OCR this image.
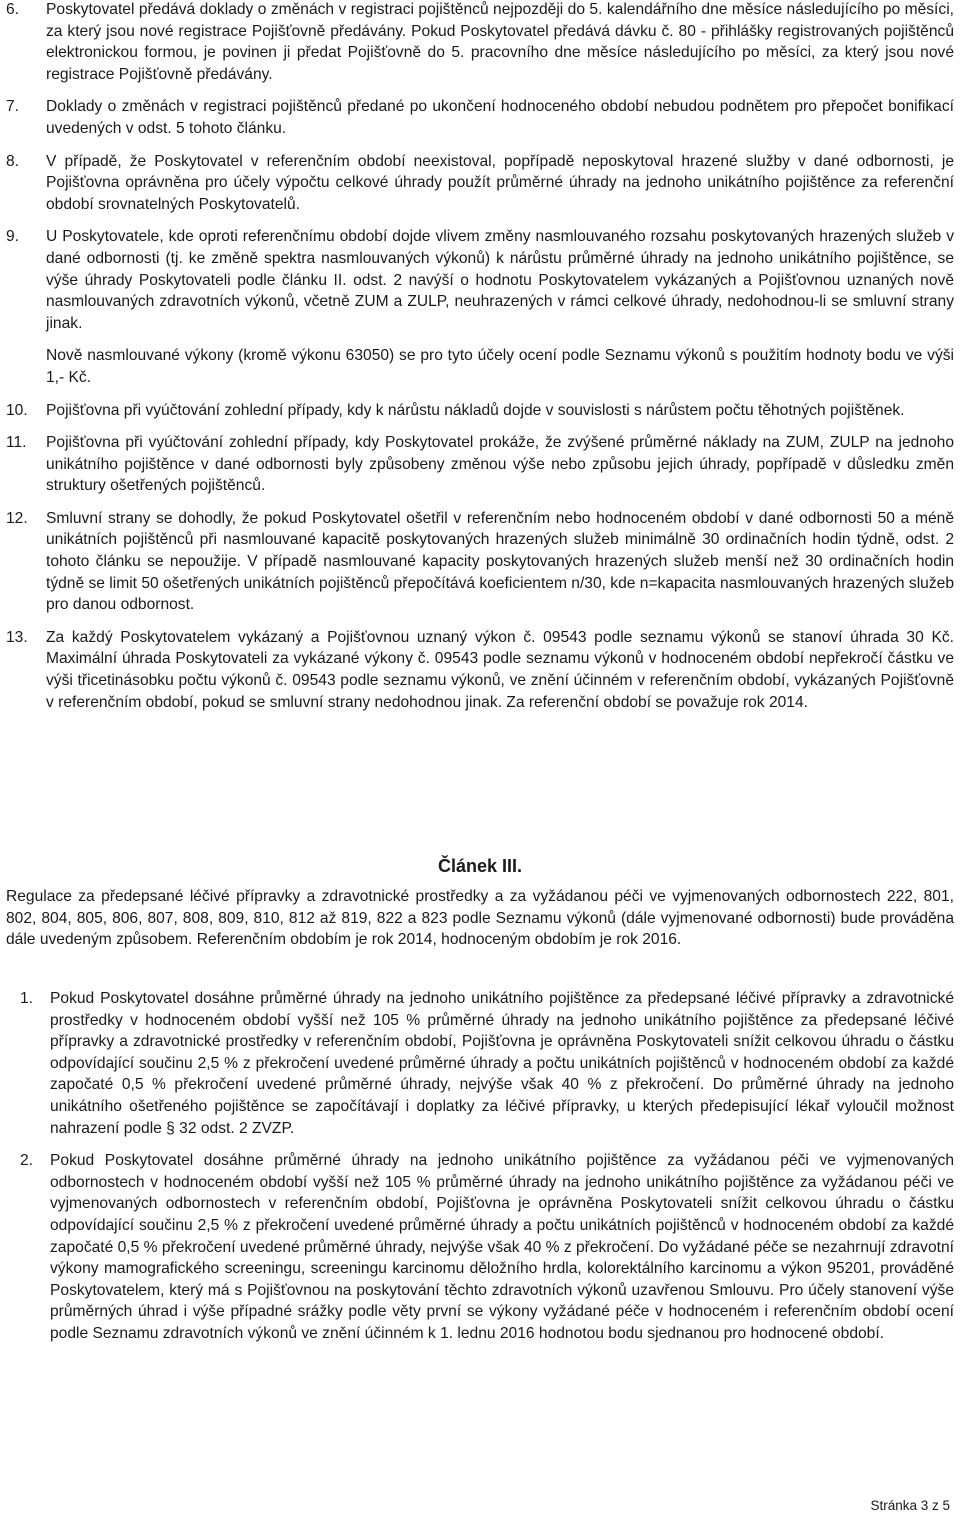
6.	Poskytovatel předává doklady o změnách v registraci pojištěnců nejpozději do 5. kalendářního dne měsíce následujícího po měsíci, za který jsou nové registrace Pojišťovně předávány. Pokud Poskytovatel předává dávku č. 80 - přihlášky registrovaných pojištěnců elektronickou formou, je povinen ji předat Pojišťovně do 5. pracovního dne měsíce následujícího po měsíci, za který jsou nové registrace Pojišťovně předávány.

7.	Doklady o změnách v registraci pojištěnců předané po ukončení hodnoceného období nebudou podnětem pro přepočet bonifikací uvedených v odst. 5 tohoto článku.

8.	V případě, že Poskytovatel v referenčním období neexistoval, popřípadě neposkytoval hrazené služby v dané odbornosti, je Pojišťovna oprávněna pro účely výpočtu celkové úhrady použít průměrné úhrady na jednoho unikátního pojištěnce za referenční období srovnatelných Poskytovatelů.

9.	U Poskytovatele, kde oproti referenčnímu období dojde vlivem změny nasmlouvaného rozsahu poskytovaných hrazených služeb v dané odbornosti (tj. ke změně spektra nasmlouvaných výkonů) k nárůstu průměrné úhrady na jednoho unikátního pojištěnce, se výše úhrady Poskytovateli podle článku II. odst. 2 navýší o hodnotu Poskytovatelem vykázaných a Pojišťovnou uznaných nově nasmlouvaných zdravotních výkonů, včetně ZUM a ZULP, neuhrazených v rámci celkové úhrady, nedohodnou-li se smluvní strany jinak.

Nově nasmlouvané výkony (kromě výkonu 63050) se pro tyto účely ocení podle Seznamu výkonů s použitím hodnoty bodu ve výši 1,- Kč.

10.	Pojišťovna při vyúčtování zohlední případy, kdy k nárůstu nákladů dojde v souvislosti s nárůstem počtu těhotných pojištěnek.

11.	Pojišťovna při vyúčtování zohlední případy, kdy Poskytovatel prokáže, že zvýšené průměrné náklady na ZUM, ZULP na jednoho unikátního pojištěnce v dané odbornosti byly způsobeny změnou výše nebo způsobu jejich úhrady, popřípadě v důsledku změn struktury ošetřených pojištěnců.

12.	Smluvní strany se dohodly, že pokud Poskytovatel ošetřil v referenčním nebo hodnoceném období v dané odbornosti 50 a méně unikátních pojištěnců při nasmlouvané kapacitě poskytovaných hrazených služeb minimálně 30 ordinačních hodin týdně, odst. 2 tohoto článku se nepoužije. V případě nasmlouvané kapacity poskytovaných hrazených služeb menší než 30 ordinačních hodin týdně se limit 50 ošetřených unikátních pojištěnců přepočítává koeficientem n/30, kde n=kapacita nasmlouvaných hrazených služeb pro danou odbornost.

13.	Za každý Poskytovatelem vykázaný a Pojišťovnou uznaný výkon č. 09543 podle seznamu výkonů se stanoví úhrada 30 Kč. Maximální úhrada Poskytovateli za vykázané výkony č. 09543 podle seznamu výkonů v hodnoceném období nepřekročí částku ve výši třicetinásobku počtu výkonů č. 09543 podle seznamu výkonů, ve znění účinném v referenčním období, vykázaných Pojišťovně v referenčním období, pokud se smluvní strany nedohodnou jinak. Za referenční období se považuje rok 2014.

Článek III.
Regulace za předepsané léčivé přípravky a zdravotnické prostředky a za vyžádanou péči ve vyjmenovaných odbornostech 222, 801, 802, 804, 805, 806, 807, 808, 809, 810, 812 až 819, 822 a 823 podle Seznamu výkonů (dále vyjmenované odbornosti) bude prováděna dále uvedeným způsobem. Referenčním obdobím je rok 2014, hodnoceným obdobím je rok 2016.
1.	Pokud Poskytovatel dosáhne průměrné úhrady na jednoho unikátního pojištěnce za předepsané léčivé přípravky a zdravotnické prostředky v hodnoceném období vyšší než 105 % průměrné úhrady na jednoho unikátního pojištěnce za předepsané léčivé přípravky a zdravotnické prostředky v referenčním období, Pojišťovna je oprávněna Poskytovateli snížit celkovou úhradu o částku odpovídající součinu 2,5 % z překročení uvedené průměrné úhrady a počtu unikátních pojištěnců v hodnoceném období za každé započaté 0,5 % překročení uvedené průměrné úhrady, nejvýše však 40 % z překročení. Do průměrné úhrady na jednoho unikátního ošetřeného pojištěnce se započítávají i doplatky za léčivé přípravky, u kterých předepisující lékař vyloučil možnost nahrazení podle § 32 odst. 2 ZVZP.

2.	Pokud Poskytovatel dosáhne průměrné úhrady na jednoho unikátního pojištěnce za vyžádanou péči ve vyjmenovaných odbornostech v hodnoceném období vyšší než 105 % průměrné úhrady na jednoho unikátního pojištěnce za vyžádanou péči ve vyjmenovaných odbornostech v referenčním období, Pojišťovna je oprávněna Poskytovateli snížit celkovou úhradu o částku odpovídající součinu 2,5 % z překročení uvedené průměrné úhrady a počtu unikátních pojištěnců v hodnoceném období za každé započaté 0,5 % překročení uvedené průměrné úhrady, nejvýše však 40 % z překročení. Do vyžádané péče se nezahrnují zdravotní výkony mamografického screeningu, screeningu karcinomu děložního hrdla, kolorektálního karcinomu a výkon 95201, prováděné Poskytovatelem, který má s Pojišťovnou na poskytování těchto zdravotních výkonů uzavřenou Smlouvu. Pro účely stanovení výše průměrných úhrad i výše případné srážky podle věty první se výkony vyžádané péče v hodnoceném i referenčním období ocení podle Seznamu zdravotních výkonů ve znění účinném k 1. lednu 2016 hodnotou bodu sjednanou pro hodnocené období.

Stránka 3 z 5
